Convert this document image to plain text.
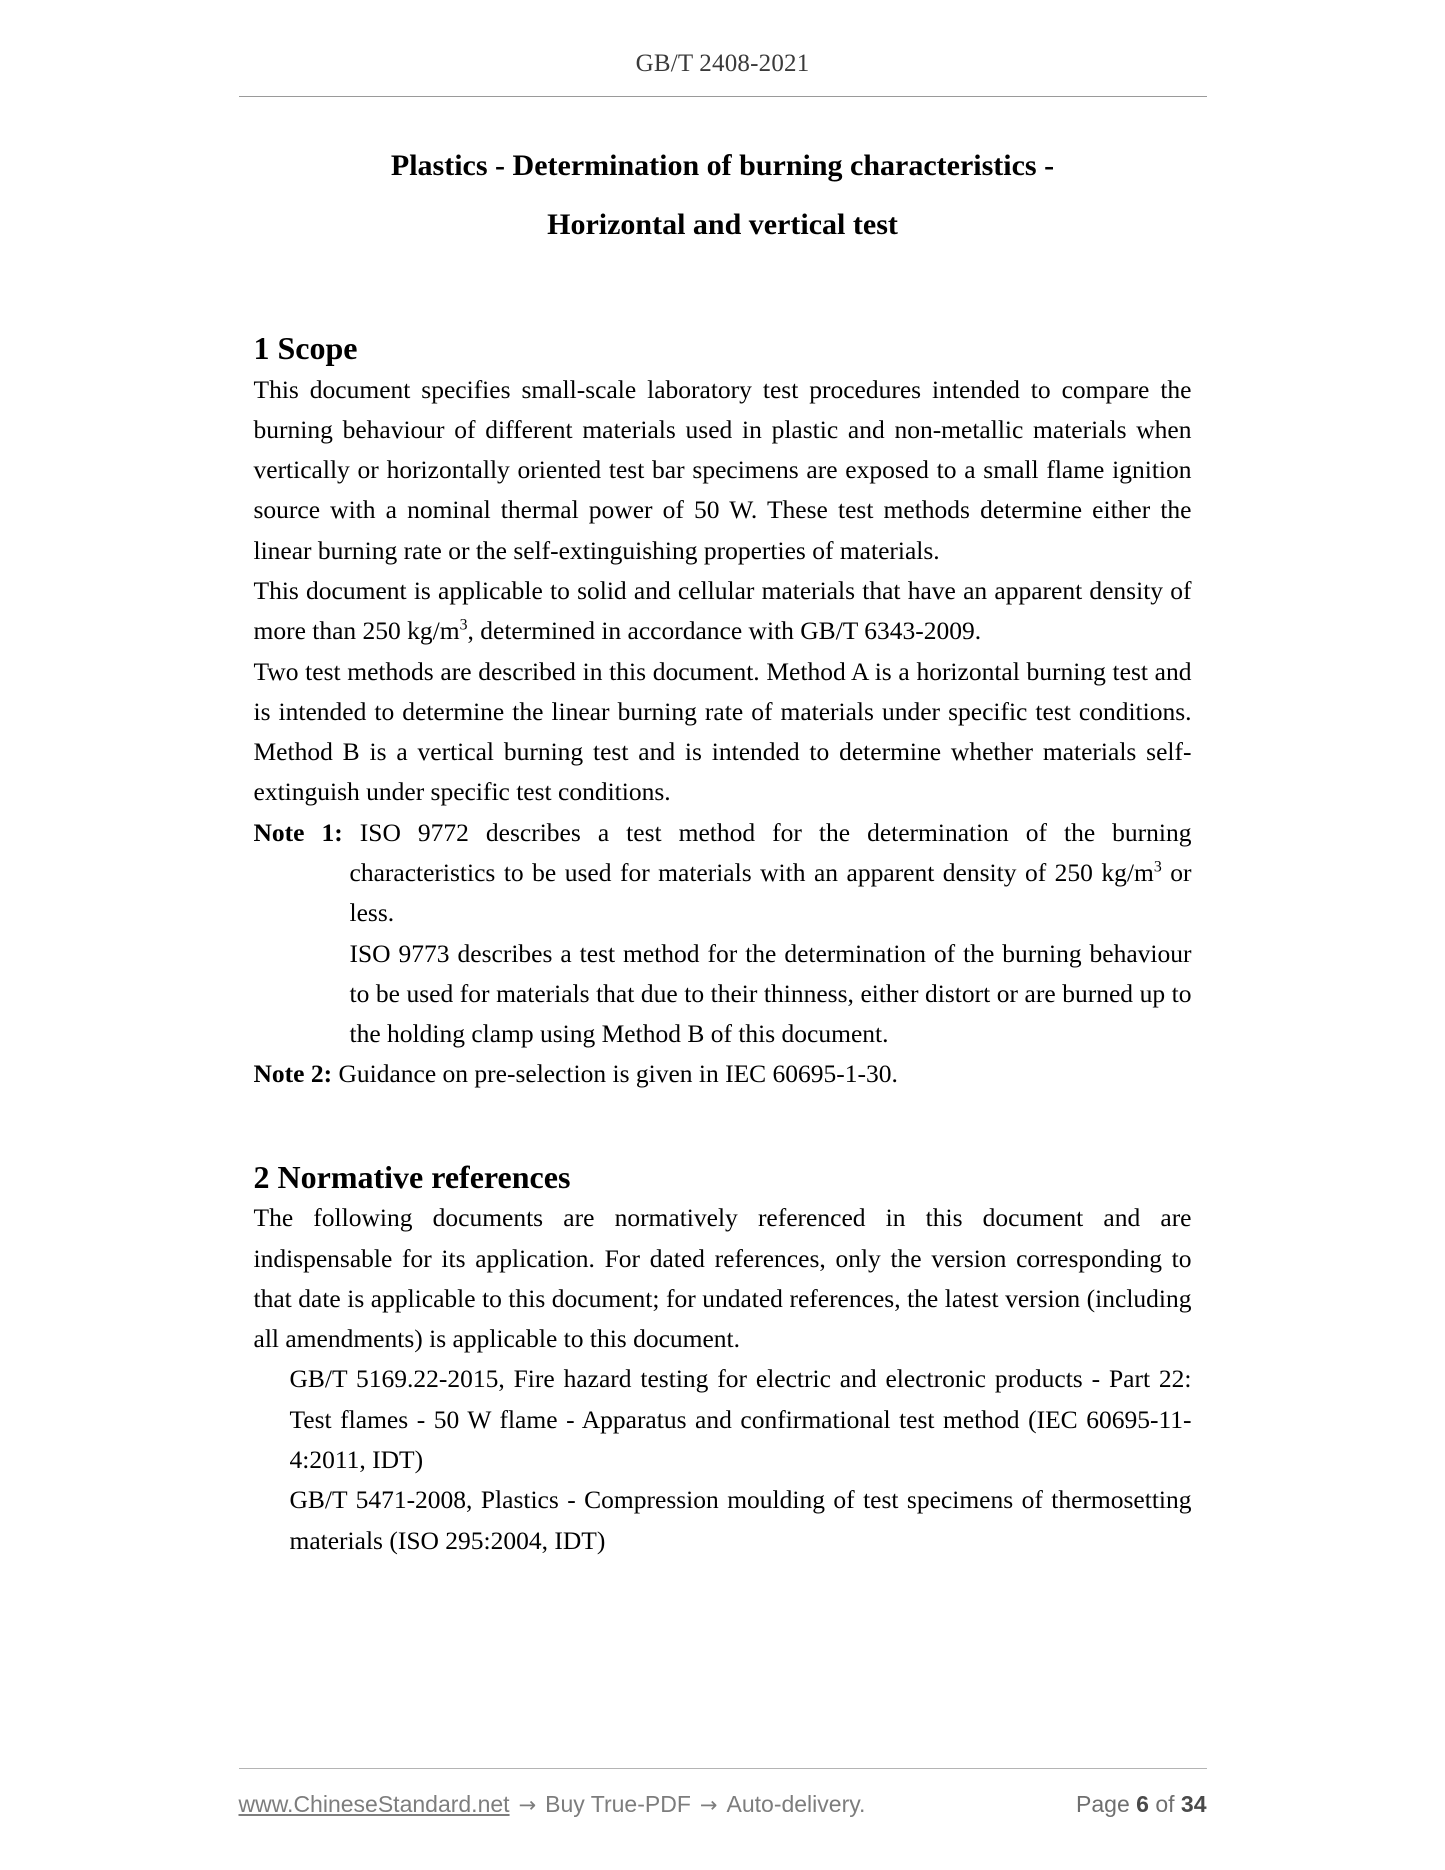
GB/T 2408-2021
Plastics - Determination of burning characteristics -
Horizontal and vertical test
1 Scope

This document specifies small-scale laboratory test procedures intended to compare the burning behaviour of different materials used in plastic and non-metallic materials when vertically or horizontally oriented test bar specimens are exposed to a small flame ignition source with a nominal thermal power of 50 W. These test methods determine either the linear burning rate or the self-extinguishing properties of materials.

This document is applicable to solid and cellular materials that have an apparent density of more than 250 $kg/m^3$, determined in accordance with GB/T 6343-2009.

Two test methods are described in this document. Method A is a horizontal burning test and is intended to determine the linear burning rate of materials under specific test conditions. Method B is a vertical burning test and is intended to determine whether materials self-extinguish under specific test conditions.

Note 1: ISO 9772 describes a test method for the determination of the burning characteristics to be used for materials with an apparent density of 250 $kg/m^3$ or less.

ISO 9773 describes a test method for the determination of the burning behaviour to be used for materials that due to their thinness, either distort or are burned up to the holding clamp using Method B of this document.

Note 2: Guidance on pre-selection is given in IEC 60695-1-30.

2 Normative references

The following documents are normatively referenced in this document and are indispensable for its application. For dated references, only the version corresponding to that date is applicable to this document; for undated references, the latest version (including all amendments) is applicable to this document.

GB/T 5169.22-2015, Fire hazard testing for electric and electronic products - Part 22: Test flames - 50 W flame - Apparatus and confirmational test method (IEC 60695-11-4:2011, IDT)

GB/T 5471-2008, Plastics - Compression moulding of test specimens of thermosetting materials (ISO 295:2004, IDT)

www.ChineseStandard.net → Buy True-PDF → Auto-delivery.	Page 6 of 34
